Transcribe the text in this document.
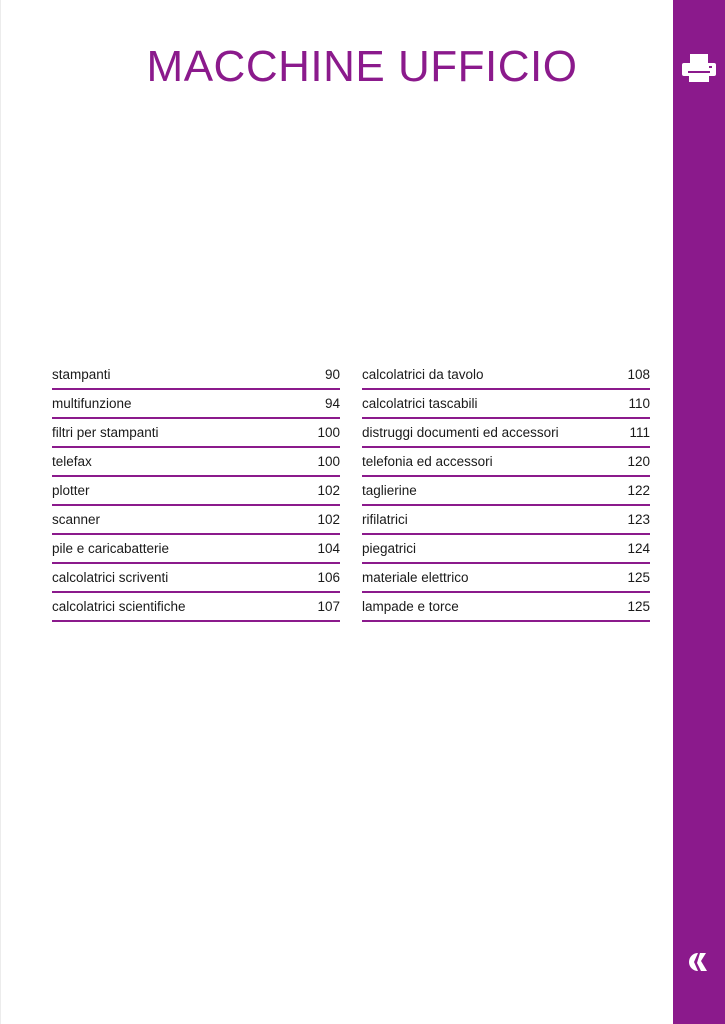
MACCHINE UFFICIO
stampanti	90
multifunzione	94
filtri per stampanti	100
telefax	100
plotter	102
scanner	102
pile e caricabatterie	104
calcolatrici scriventi	106
calcolatrici scientifiche	107
calcolatrici da tavolo	108
calcolatrici tascabili	110
distruggi documenti ed accessori	111
telefonia ed accessori	120
taglierine	122
rifilatrici	123
piegatrici	124
materiale elettrico	125
lampade e torce	125
